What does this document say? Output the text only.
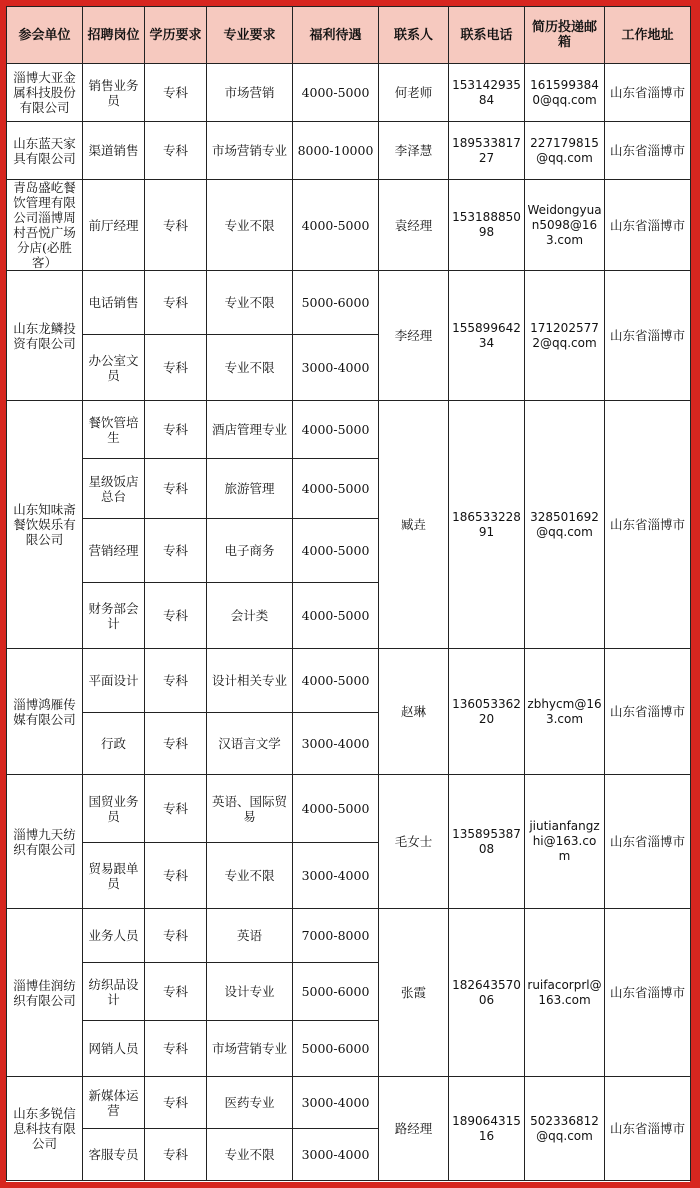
参会单位	招聘岗位	学历要求	专业要求	福利待遇	联系人	联系电话	简历投递邮箱	工作地址
淄博大亚金属科技股份有限公司	销售业务员	专科	市场营销	4000-5000	何老师	15314293584	1615993840@qq.com	山东省淄博市
山东蓝天家具有限公司	渠道销售	专科	市场营销专业	8000-10000	李泽慧	18953381727	227179815@qq.com	山东省淄博市
青岛盛屹餐饮管理有限公司淄博周村吾悦广场分店(必胜客）	前厅经理	专科	专业不限	4000-5000	袁经理	15318885098	Weidongyuan5098@163.com	山东省淄博市
山东龙鳞投资有限公司	电话销售	专科	专业不限	5000-6000	李经理	15589964234	1712025772@qq.com	山东省淄博市
	办公室文员	专科	专业不限	3000-4000				
山东知味斋餐饮娱乐有限公司	餐饮管培生	专科	酒店管理专业	4000-5000	臧垚	18653322891	328501692@qq.com	山东省淄博市
	星级饭店总台	专科	旅游管理	4000-5000				
	营销经理	专科	电子商务	4000-5000				
	财务部会计	专科	会计类	4000-5000				
淄博鸿雁传媒有限公司	平面设计	专科	设计相关专业	4000-5000	赵琳	13605336220	zbhycm@163.com	山东省淄博市
	行政	专科	汉语言文学	3000-4000				
淄博九天纺织有限公司	国贸业务员	专科	英语、国际贸易	4000-5000	毛女士	13589538708	jiutianfangzhi@163.com	山东省淄博市
	贸易跟单员	专科	专业不限	3000-4000				
淄博佳润纺织有限公司	业务人员	专科	英语	7000-8000	张霞	18264357006	ruifacorprl@163.com	山东省淄博市
	纺织品设计	专科	设计专业	5000-6000				
	网销人员	专科	市场营销专业	5000-6000				
山东多锐信息科技有限公司	新媒体运营	专科	医药专业	3000-4000	路经理	18906431516	502336812@qq.com	山东省淄博市
	客服专员	专科	专业不限	3000-4000				
